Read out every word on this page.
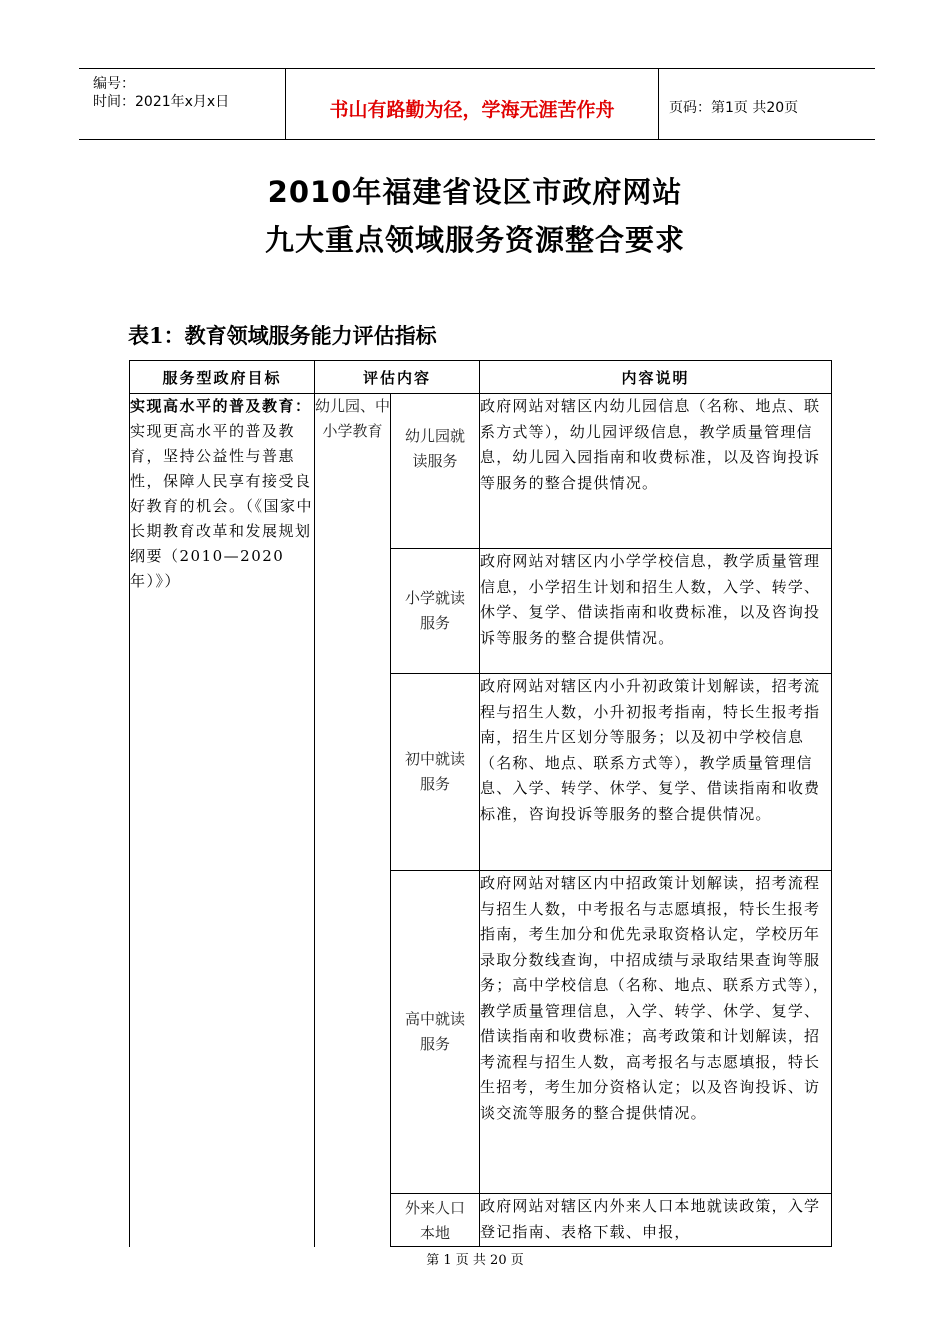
编号：
时间：2021年x月x日	书山有路勤为径，学海无涯苦作舟	页码：第1页 共20页
2010年福建省设区市政府网站
九大重点领域服务资源整合要求
表1：教育领域服务能力评估指标
服务型政府目标	评估内容		内容说明
实现高水平的普及教育：实现更高水平的普及教育，坚持公益性与普惠性，保障人民享有接受良好教育的机会。（《国家中长期教育改革和发展规划纲要（2010—2020年）》）	幼儿园、中小学教育	幼儿园就读服务	政府网站对辖区内幼儿园信息（名称、地点、联系方式等），幼儿园评级信息，教学质量管理信息，幼儿园入园指南和收费标准，以及咨询投诉等服务的整合提供情况。

		小学就读服务	政府网站对辖区内小学学校信息，教学质量管理信息，小学招生计划和招生人数，入学、转学、休学、复学、借读指南和收费标准，以及咨询投诉等服务的整合提供情况。

		初中就读服务	政府网站对辖区内小升初政策计划解读，招考流程与招生人数，小升初报考指南，特长生报考指南，招生片区划分等服务；以及初中学校信息（名称、地点、联系方式等），教学质量管理信息、入学、转学、休学、复学、借读指南和收费标准，咨询投诉等服务的整合提供情况。

		高中就读服务	政府网站对辖区内中招政策计划解读，招考流程与招生人数，中考报名与志愿填报，特长生报考指南，考生加分和优先录取资格认定，学校历年录取分数线查询，中招成绩与录取结果查询等服务；高中学校信息（名称、地点、联系方式等），教学质量管理信息，入学、转学、休学、复学、借读指南和收费标准；高考政策和计划解读，招考流程与招生人数，高考报名与志愿填报，特长生招考，考生加分资格认定；以及咨询投诉、访谈交流等服务的整合提供情况。

		外来人口本地	政府网站对辖区内外来人口本地就读政策，入学登记指南、表格下载、申报，
第 1 页 共 20 页
